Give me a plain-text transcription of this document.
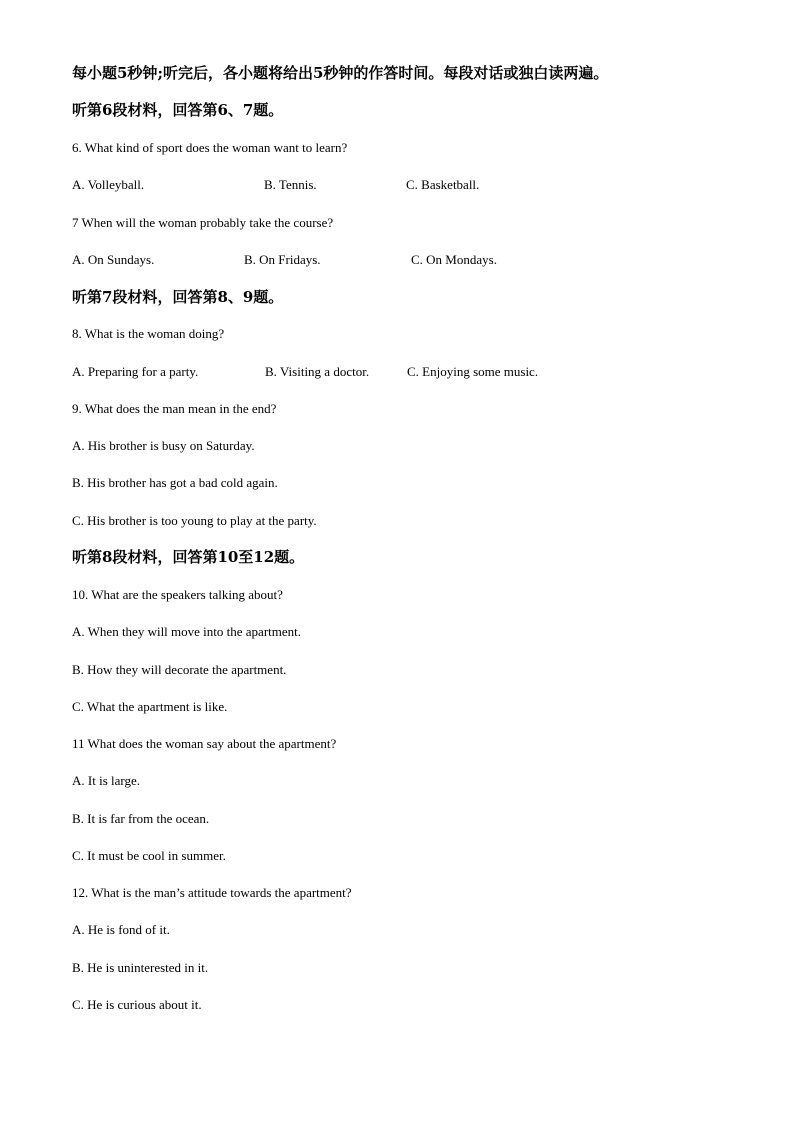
每小题5秒钟;听完后，各小题将给出5秒钟的作答时间。每段对话或独白读两遍。
听第6段材料，回答第6、7题。
6. What kind of sport does the woman want to learn?
A. Volleyball.	B. Tennis.	C. Basketball.
7 When will the woman probably take the course?
A. On Sundays.	B. On Fridays.	C. On Mondays.
听第7段材料，回答第8、9题。
8. What is the woman doing?
A. Preparing for a party.	B. Visiting a doctor.	C. Enjoying some music.
9. What does the man mean in the end?
A. His brother is busy on Saturday.
B. His brother has got a bad cold again.
C. His brother is too young to play at the party.
听第8段材料，回答第10至12题。
10. What are the speakers talking about?
A. When they will move into the apartment.
B. How they will decorate the apartment.
C. What the apartment is like.
11 What does the woman say about the apartment?
A. It is large.
B. It is far from the ocean.
C. It must be cool in summer.
12. What is the man’s attitude towards the apartment?
A. He is fond of it.
B. He is uninterested in it.
C. He is curious about it.
